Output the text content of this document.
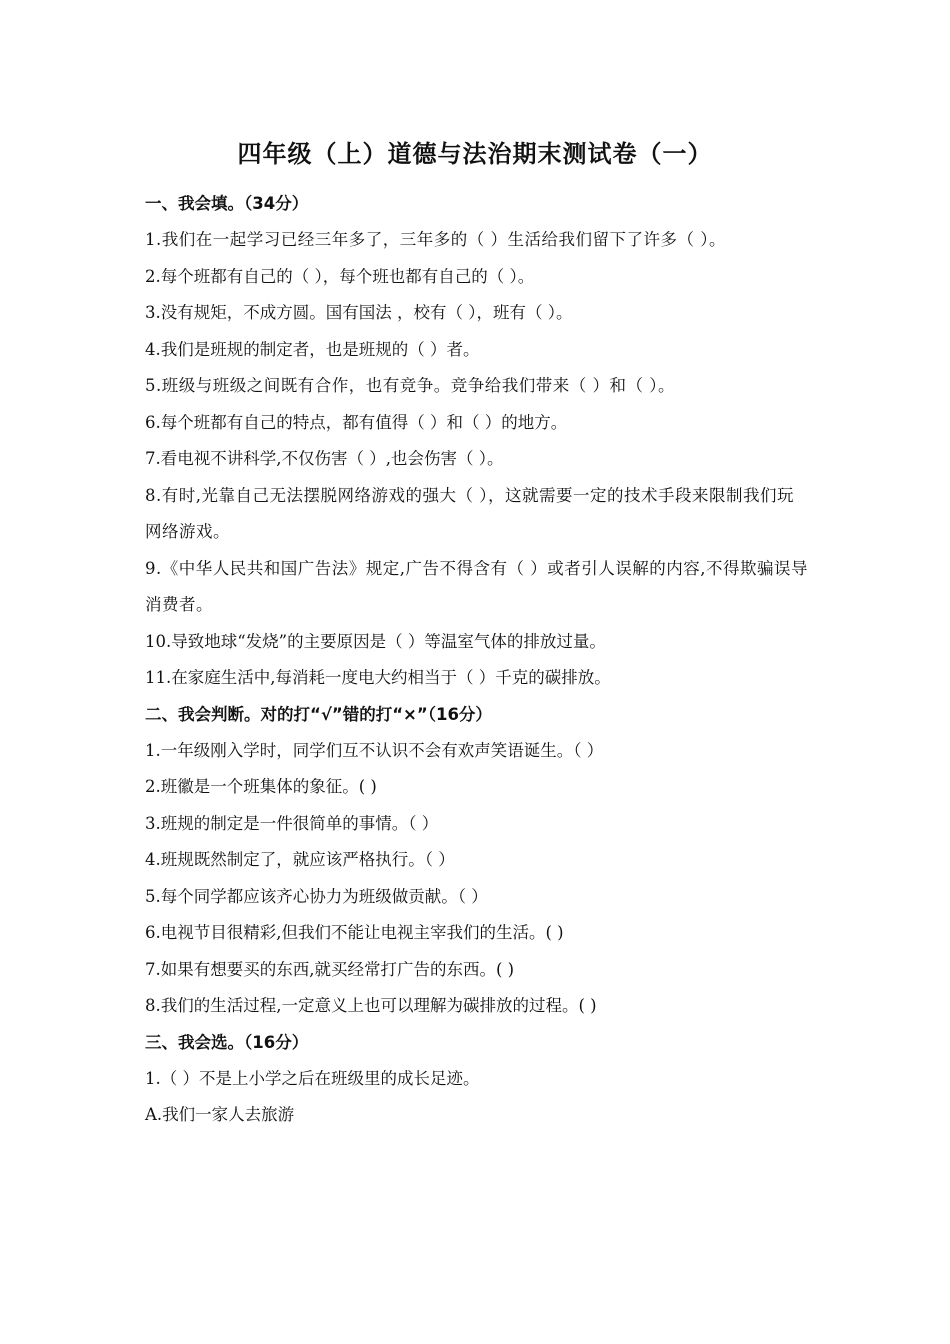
四年级（上）道德与法治期末测试卷（一）
一、我会填。（34分）
1.我们在一起学习已经三年多了，三年多的（ ）生活给我们留下了许多（ ）。
2.每个班都有自己的（ ），每个班也都有自己的（ ）。
3.没有规矩，不成方圆。国有国法 ，校有（ ），班有（ ）。
4.我们是班规的制定者，也是班规的（ ）者。
5.班级与班级之间既有合作，也有竞争。竞争给我们带来（ ）和（ ）。
6.每个班都有自己的特点，都有值得（ ）和（ ）的地方。
7.看电视不讲科学,不仅伤害（ ）,也会伤害（ ）。
8.有时,光靠自己无法摆脱网络游戏的强大（ ），这就需要一定的技术手段来限制我们玩网络游戏。
9.《中华人民共和国广告法》规定,广告不得含有（ ）或者引人误解的内容,不得欺骗误导消费者。
10.导致地球“发烧”的主要原因是（ ）等温室气体的排放过量。
11.在家庭生活中,每消耗一度电大约相当于（ ）千克的碳排放。
二、我会判断。对的打“√”错的打“×”（16分）
1.一年级刚入学时，同学们互不认识不会有欢声笑语诞生。（ ）
2.班徽是一个班集体的象征。( )
3.班规的制定是一件很简单的事情。（ ）
4.班规既然制定了，就应该严格执行。（ ）
5.每个同学都应该齐心协力为班级做贡献。（ ）
6.电视节目很精彩,但我们不能让电视主宰我们的生活。( )
7.如果有想要买的东西,就买经常打广告的东西。( )
8.我们的生活过程,一定意义上也可以理解为碳排放的过程。( )
三、我会选。（16分）
1.（ ）不是上小学之后在班级里的成长足迹。
A.我们一家人去旅游
